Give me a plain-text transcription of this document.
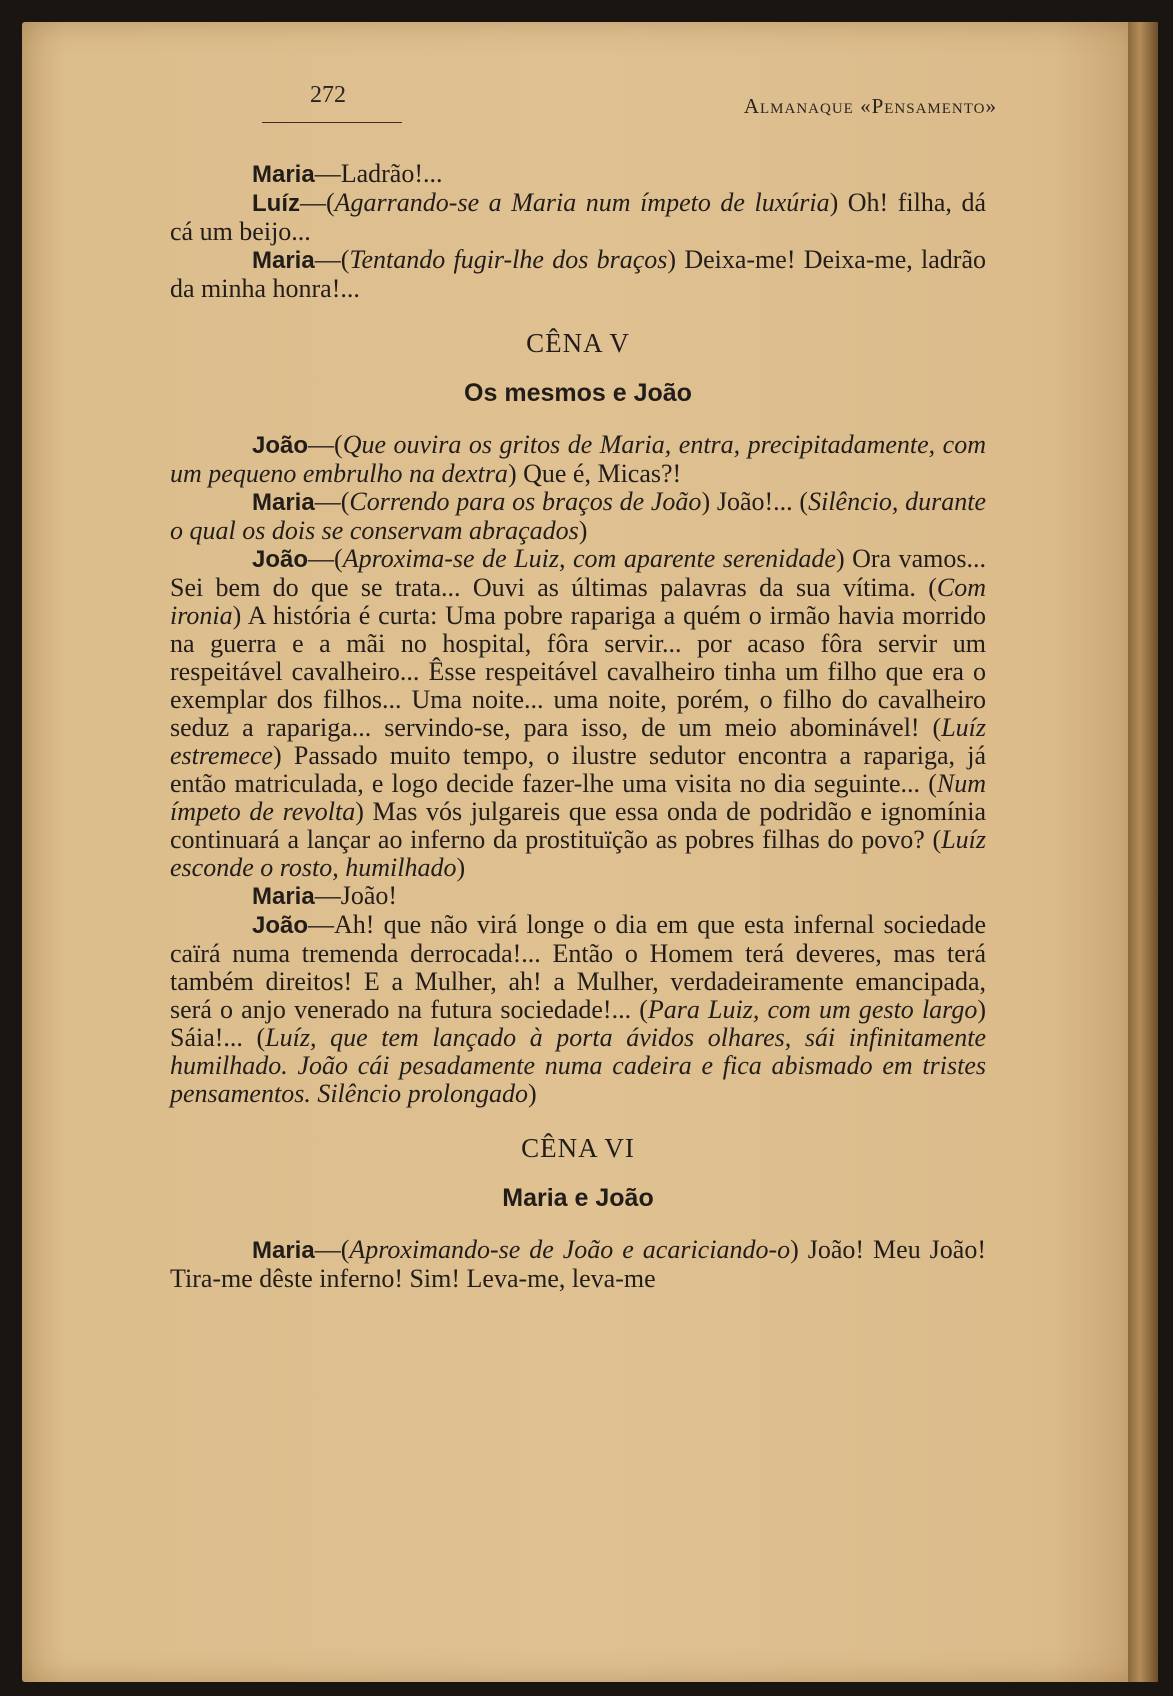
272	Almanaque «Pensamento»

Maria—Ladrão!...

Luíz—(Agarrando-se a Maria num ímpeto de luxúria) Oh! filha, dá cá um beijo...

Maria—(Tentando fugir-lhe dos braços) Deixa-me! Deixa-me, ladrão da minha honra!...

CÊNA V
Os mesmos e João

João—(Que ouvira os gritos de Maria, entra, precipitadamente, com um pequeno embrulho na dextra) Que é, Micas?!

Maria—(Correndo para os braços de João) João!... (Silêncio, durante o qual os dois se conservam abraçados)

João—(Aproxima-se de Luiz, com aparente serenidade) Ora vamos... Sei bem do que se trata... Ouvi as últimas palavras da sua vítima. (Com ironia) A história é curta: Uma pobre rapariga a quém o irmão havia morrido na guerra e a mãi no hospital, fôra servir... por acaso fôra servir um respeitável cavalheiro... Êsse respeitável cavalheiro tinha um filho que era o exemplar dos filhos... Uma noite... uma noite, porém, o filho do cavalheiro seduz a rapariga... servindo-se, para isso, de um meio abominável! (Luíz estremece) Passado muito tempo, o ilustre sedutor encontra a rapariga, já então matriculada, e logo decide fazer-lhe uma visita no dia seguinte... (Num ímpeto de revolta) Mas vós julgareis que essa onda de podridão e ignomínia continuará a lançar ao inferno da prostituïção as pobres filhas do povo? (Luíz esconde o rosto, humilhado)

Maria—João!

João—Ah! que não virá longe o dia em que esta infernal sociedade caïrá numa tremenda derrocada!... Então o Homem terá deveres, mas terá também direitos! E a Mulher, ah! a Mulher, verdadeiramente emancipada, será o anjo venerado na futura sociedade!... (Para Luiz, com um gesto largo) Sáia!... (Luíz, que tem lançado à porta ávidos olhares, sái infinitamente humilhado. João cái pesadamente numa cadeira e fica abismado em tristes pensamentos. Silêncio prolongado)

CÊNA VI
Maria e João

Maria—(Aproximando-se de João e acariciando-o) João! Meu João! Tira-me dêste inferno! Sim! Leva-me, leva-me
